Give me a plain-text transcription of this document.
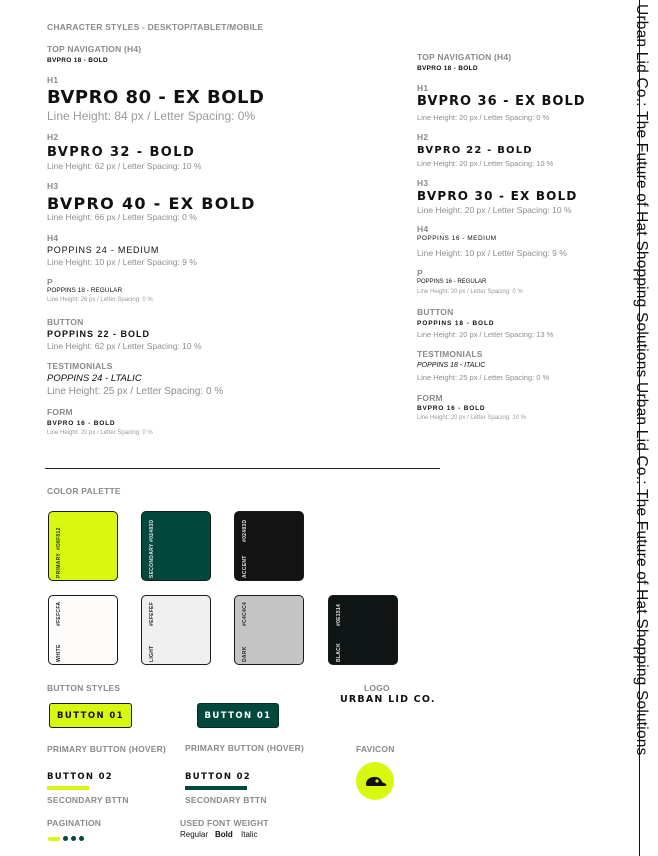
CHARACTER STYLES - DESKTOP/TABLET/MOBILE
TOP NAVIGATION (H4)
BVPRO 18 - BOLD
H1
BVPRO 80 - EX BOLD
Line Height: 84 px / Letter Spacing: 0%
H2
BVPRO 32 - BOLD
Line Height: 62 px / Letter Spacing: 10 %
H3
BVPRO 40 - EX BOLD
Line Height: 66 px / Letter Spacing: 0 %
H4
POPPINS 24 - MEDIUM
Line Height: 10 px / Letter Spacing: 9 %
P
POPPINS 18 - REGULAR
Line Height: 26 px / Letter Spacing: 0 %
BUTTON
POPPINS 22 - BOLD
Line Height: 62 px / Letter Spacing: 10 %
TESTIMONIALS
POPPINS 24 - LTALIC
Line Height: 25 px / Letter Spacing: 0 %
FORM
BVPRO 16 - BOLD
Line Height: 20 px / Letter Spacing: 0 %
TOP NAVIGATION (H4)
BVPRO 18 - BOLD
H1
BVPRO 36 - EX BOLD
Line Height: 20 px / Letter Spacing: 0 %
H2
BVPRO 22 - BOLD
Line Height: 20 px / Letter Spacing: 10 %
H3
BVPRO 30 - EX BOLD
Line Height: 20 px / Letter Spacing: 10 %
H4
POPPINS 16 - MEDIUM
Line Height: 10 px / Letter Spacing: 9 %
P
POPPINS 16 - REGULAR
Line Height: 20 px / Letter Spacing: 0 %
BUTTON
POPPINS 18 - BOLD
Line Height: 20 px / Letter Spacing: 13 %
TESTIMONIALS
POPPINS 18 - ITALIC
Line Height: 25 px / Letter Spacing: 0 %
FORM
BVPRO 16 - BOLD
Line Height: 20 px / Letter Spacing: 10 %
COLOR PALETTE
PRIMARY
#D8F812
SECONDARY
#02483D
ACCENT
#02483D
WHITE
#FEFCFA
LIGHT
#EFEFEF
DARK
#C4C4C4
BLACK
#0E1514
BUTTON STYLES
BUTTON 01	BUTTON 01
PRIMARY BUTTON (HOVER) PRIMARY BUTTON (HOVER)
BUTTON 02	BUTTON 02
SECONDARY BTTN	SECONDARY BTTN
LOGO
URBAN LID CO.
FAVICON
PAGINATION	USED FONT WEIGHT
Regular Bold Italic
Urban Lid Co.: The Future of Hat Shopping Solutions Urban Lid Co.: The Future of Hat Shopping Solutions
